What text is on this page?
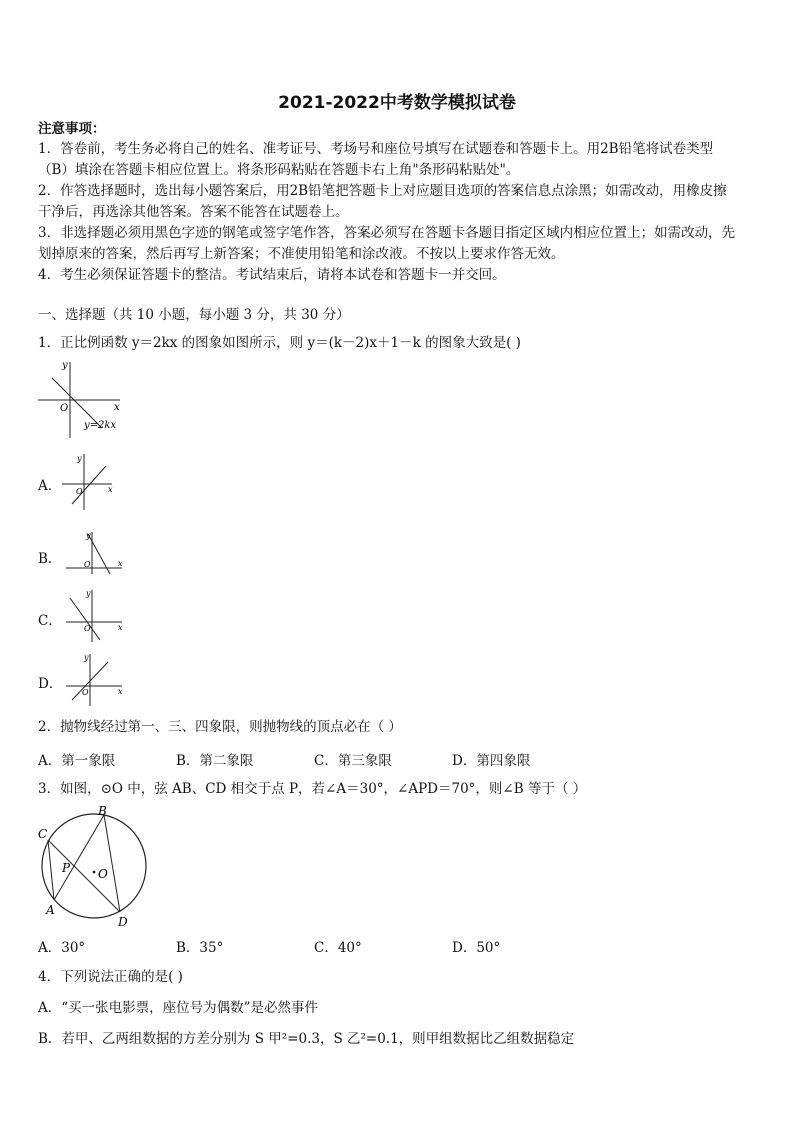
2021-2022中考数学模拟试卷
注意事项：
1．答卷前，考生务必将自己的姓名、准考证号、考场号和座位号填写在试题卷和答题卡上。用2B铅笔将试卷类型
（B）填涂在答题卡相应位置上。将条形码粘贴在答题卡右上角"条形码粘贴处"。
2．作答选择题时，选出每小题答案后，用2B铅笔把答题卡上对应题目选项的答案信息点涂黑；如需改动，用橡皮擦
干净后，再选涂其他答案。答案不能答在试题卷上。
3．非选择题必须用黑色字迹的钢笔或签字笔作答，答案必须写在答题卡各题目指定区域内相应位置上；如需改动，先
划掉原来的答案，然后再写上新答案；不准使用铅笔和涂改液。不按以上要求作答无效。
4．考生必须保证答题卡的整洁。考试结束后，请将本试卷和答题卡一并交回。
一、选择题（共 10 小题，每小题 3 分，共 30 分）
1．正比例函数 y＝2kx 的图象如图所示，则 y＝(k－2)x＋1－k 的图象大致是( )
y
x
O
y=2kx
A．
y
x
O
B．
y
x
O
C．
y
x
O
D．
y
x
O
2．抛物线经过第一、三、四象限，则抛物线的顶点必在（ ）
A．第一象限	B．第二象限	C．第三象限	D．第四象限
3．如图，⊙O 中，弦 AB、CD 相交于点 P，若∠A＝30°，∠APD＝70°，则∠B 等于（ ）
B
C
P O
A
D
A．30°	B．35°	C．40°	D．50°
4．下列说法正确的是( )
A．“买一张电影票，座位号为偶数”是必然事件
B．若甲、乙两组数据的方差分别为 S 甲²=0.3，S 乙²=0.1，则甲组数据比乙组数据稳定
